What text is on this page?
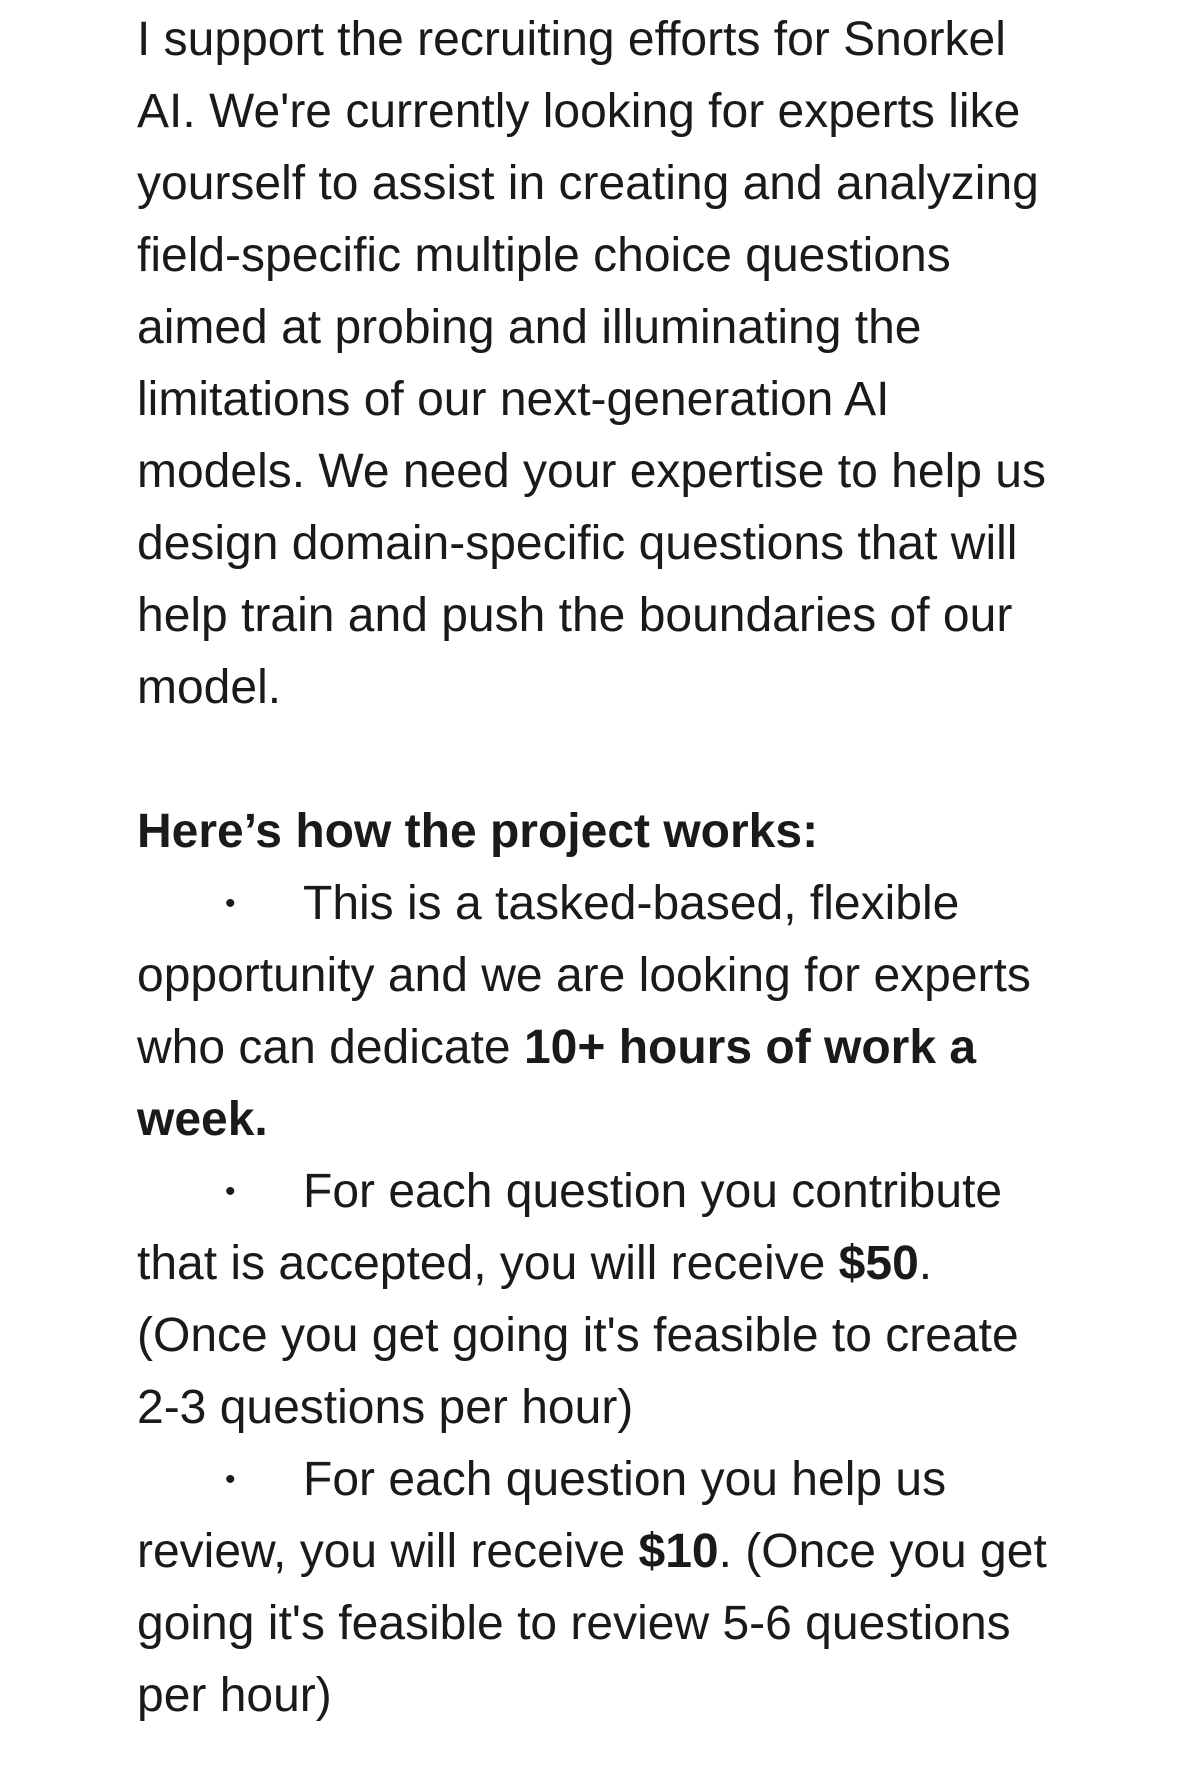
I support the recruiting efforts for Snorkel AI. We're currently looking for experts like yourself to assist in creating and analyzing field-specific multiple choice questions aimed at probing and illuminating the limitations of our next-generation AI models. We need your expertise to help us design domain-specific questions that will help train and push the boundaries of our model.

Here’s how the project works:

• This is a tasked-based, flexible opportunity and we are looking for experts who can dedicate 10+ hours of work a week.

• For each question you contribute that is accepted, you will receive $50. (Once you get going it's feasible to create 2-3 questions per hour)

• For each question you help us review, you will receive $10. (Once you get going it's feasible to review 5-6 questions per hour)
